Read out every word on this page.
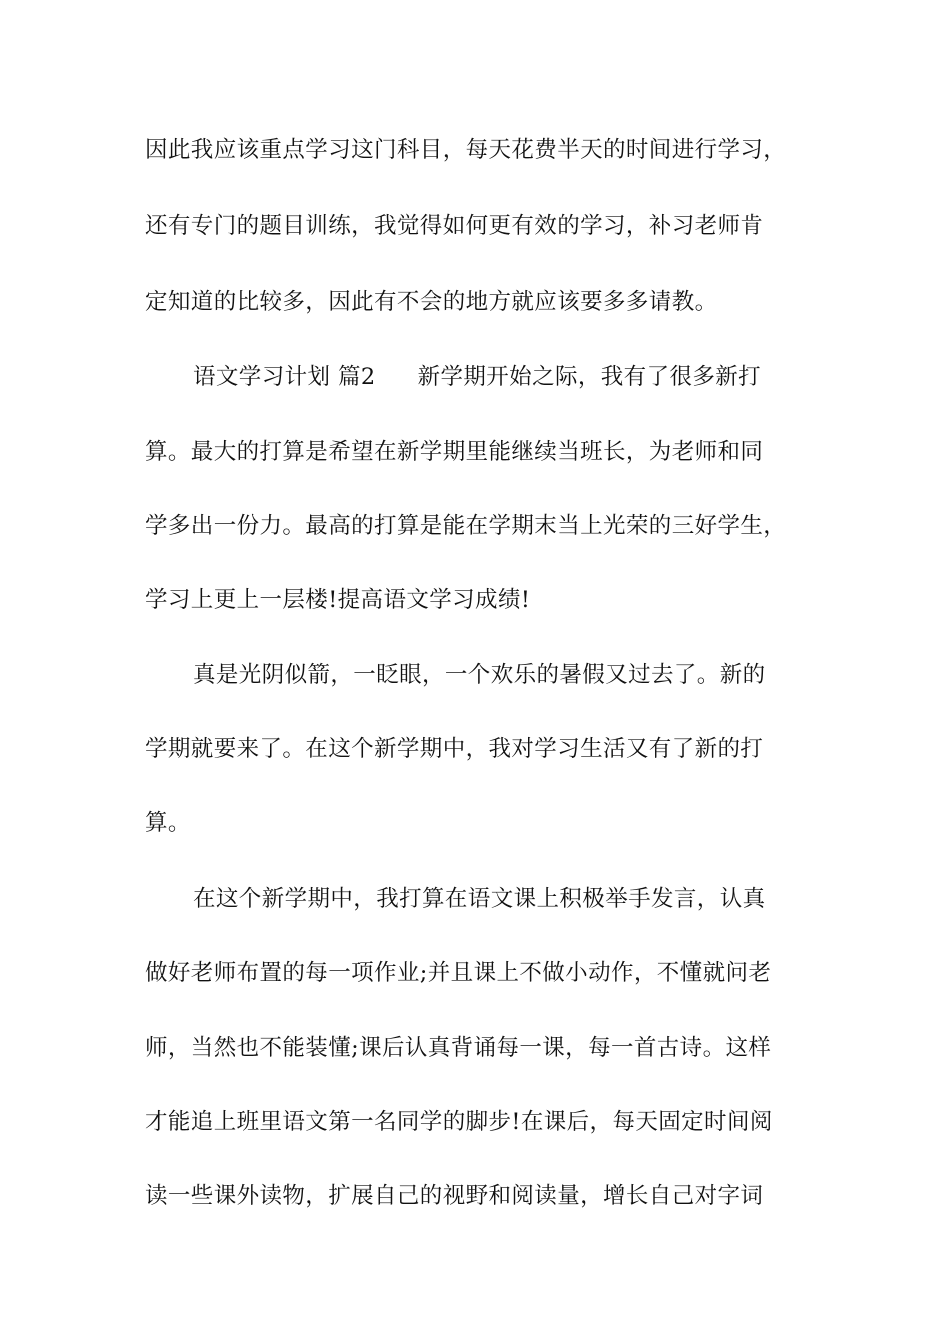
因此我应该重点学习这门科目，每天花费半天的时间进行学习，
还有专门的题目训练，我觉得如何更有效的学习，补习老师肯
定知道的比较多，因此有不会的地方就应该要多多请教。
语文学习计划 篇2 新学期开始之际，我有了很多新打
算。最大的打算是希望在新学期里能继续当班长，为老师和同
学多出一份力。最高的打算是能在学期末当上光荣的三好学生，
学习上更上一层楼!提高语文学习成绩!
真是光阴似箭，一眨眼，一个欢乐的暑假又过去了。新的
学期就要来了。在这个新学期中，我对学习生活又有了新的打
算。
在这个新学期中，我打算在语文课上积极举手发言，认真
做好老师布置的每一项作业;并且课上不做小动作，不懂就问老
师，当然也不能装懂;课后认真背诵每一课，每一首古诗。这样
才能追上班里语文第一名同学的脚步!在课后，每天固定时间阅
读一些课外读物，扩展自己的视野和阅读量，增长自己对字词
